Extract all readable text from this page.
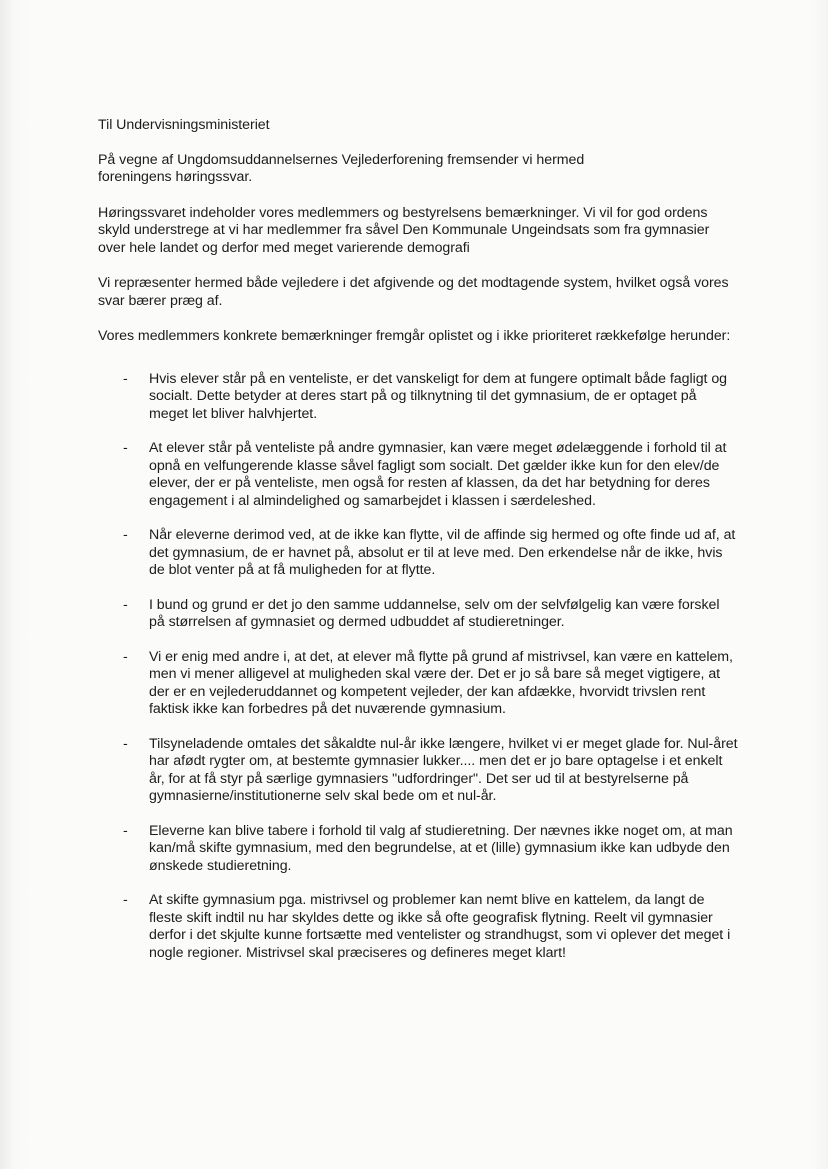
Til Undervisningsministeriet

På vegne af Ungdomsuddannelsernes Vejlederforening fremsender vi hermed foreningens høringssvar.

Høringssvaret indeholder vores medlemmers og bestyrelsens bemærkninger. Vi vil for god ordens skyld understrege at vi har medlemmer fra såvel Den Kommunale Ungeindsats som fra gymnasier over hele landet og derfor med meget varierende demografi

Vi repræsenter hermed både vejledere i det afgivende og det modtagende system, hvilket også vores svar bærer præg af.

Vores medlemmers konkrete bemærkninger fremgår oplistet og i ikke prioriteret rækkefølge herunder:

- Hvis elever står på en venteliste, er det vanskeligt for dem at fungere optimalt både fagligt og socialt. Dette betyder at deres start på og tilknytning til det gymnasium, de er optaget på meget let bliver halvhjertet.
- At elever står på venteliste på andre gymnasier, kan være meget ødelæggende i forhold til at opnå en velfungerende klasse såvel fagligt som socialt. Det gælder ikke kun for den elev/de elever, der er på venteliste, men også for resten af klassen, da det har betydning for deres engagement i al almindelighed og samarbejdet i klassen i særdeleshed.
- Når eleverne derimod ved, at de ikke kan flytte, vil de affinde sig hermed og ofte finde ud af, at det gymnasium, de er havnet på, absolut er til at leve med. Den erkendelse når de ikke, hvis de blot venter på at få muligheden for at flytte.
- I bund og grund er det jo den samme uddannelse, selv om der selvfølgelig kan være forskel på størrelsen af gymnasiet og dermed udbuddet af studieretninger.
- Vi er enig med andre i, at det, at elever må flytte på grund af mistrivsel, kan være en kattelem, men vi mener alligevel at muligheden skal være der. Det er jo så bare så meget vigtigere, at der er en vejlederuddannet og kompetent vejleder, der kan afdække, hvorvidt trivslen rent faktisk ikke kan forbedres på det nuværende gymnasium.
- Tilsyneladende omtales det såkaldte nul-år ikke længere, hvilket vi er meget glade for. Nul-året har afødt rygter om, at bestemte gymnasier lukker.... men det er jo bare optagelse i et enkelt år, for at få styr på særlige gymnasiers "udfordringer". Det ser ud til at bestyrelserne på gymnasierne/institutionerne selv skal bede om et nul-år.
- Eleverne kan blive tabere i forhold til valg af studieretning. Der nævnes ikke noget om, at man kan/må skifte gymnasium, med den begrundelse, at et (lille) gymnasium ikke kan udbyde den ønskede studieretning.
- At skifte gymnasium pga. mistrivsel og problemer kan nemt blive en kattelem, da langt de fleste skift indtil nu har skyldes dette og ikke så ofte geografisk flytning. Reelt vil gymnasier derfor i det skjulte kunne fortsætte med ventelister og strandhugst, som vi oplever det meget i nogle regioner. Mistrivsel skal præciseres og defineres meget klart!
